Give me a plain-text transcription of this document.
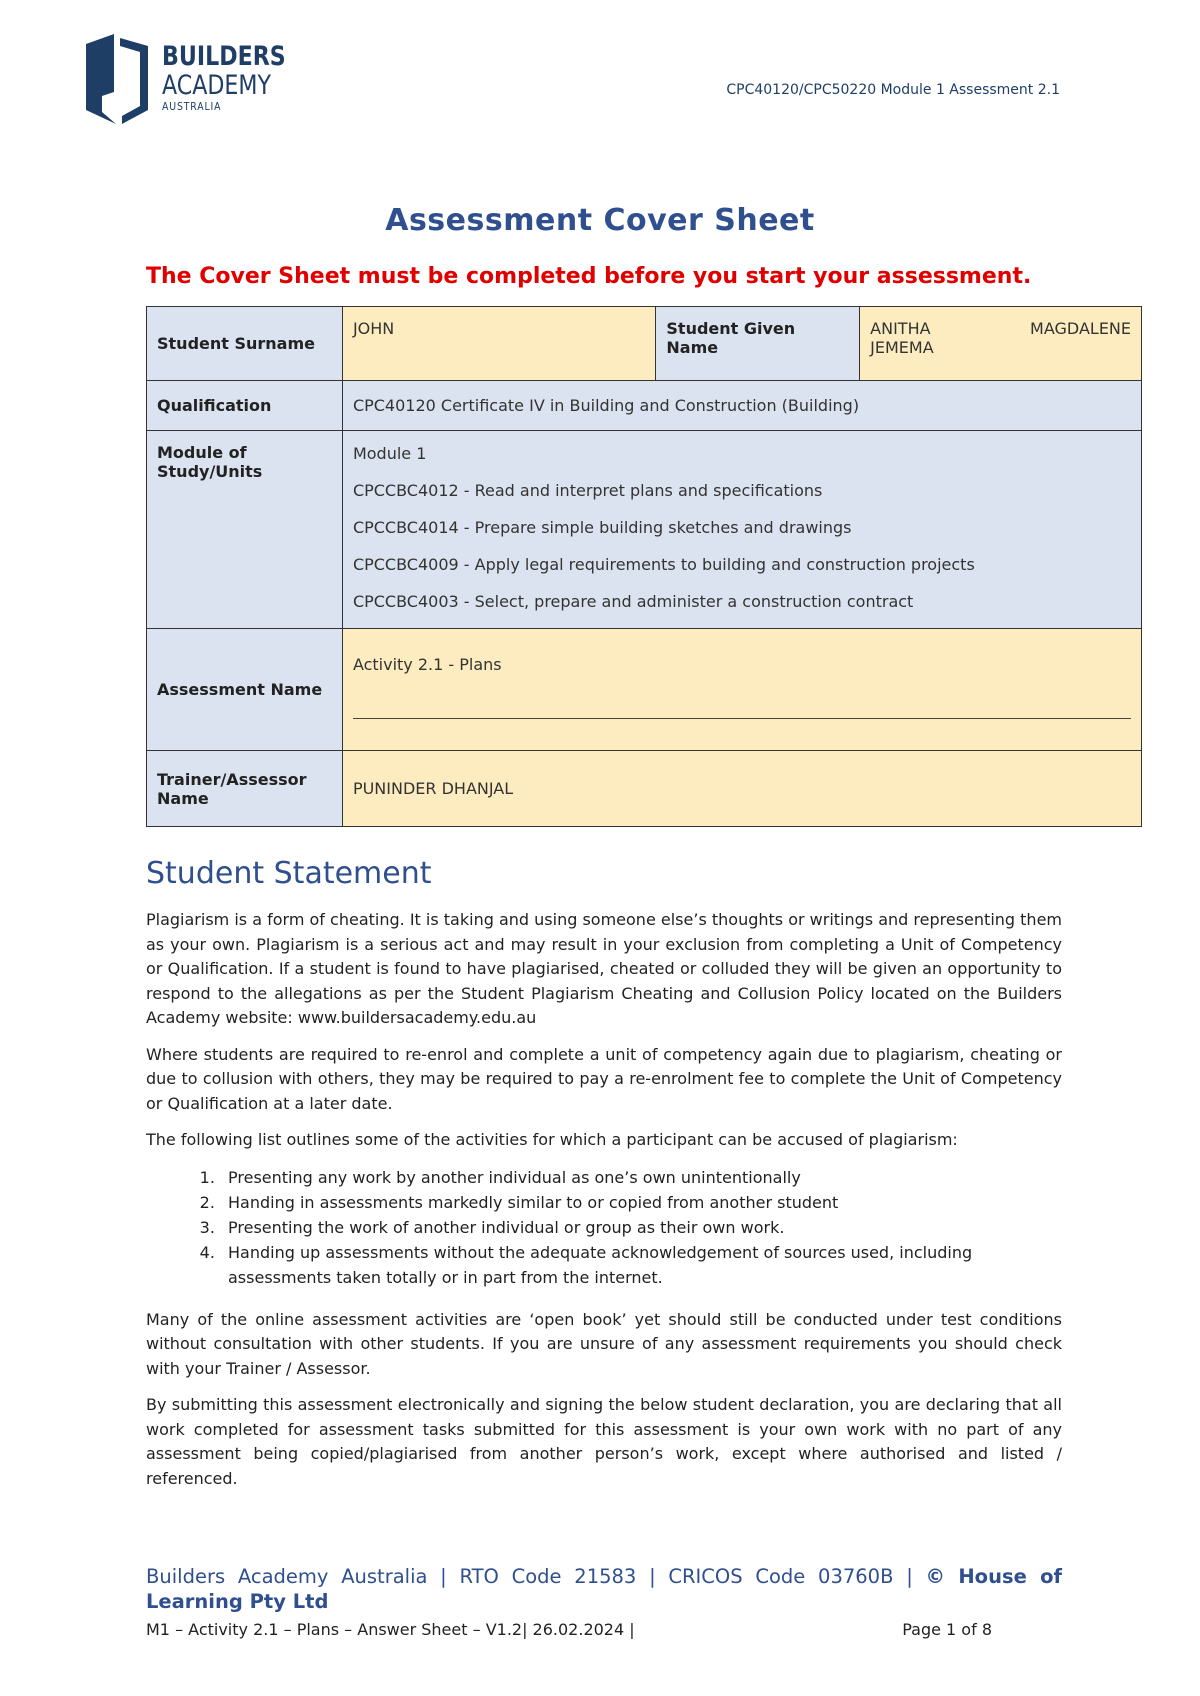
BUILDERS
ACADEMY
AUSTRALIA
CPC40120/CPC50220 Module 1 Assessment 2.1
Assessment Cover Sheet
The Cover Sheet must be completed before you start your assessment.
Student Surname	JOHN	Student Given Name	ANITHA MAGDALENE
JEMEMA

Qualification	CPC40120 Certificate IV in Building and Construction (Building)		
Module of Study/Units	Module 1
CPCCBC4012 - Read and interpret plans and specifications
CPCCBC4014 - Prepare simple building sketches and drawings
CPCCBC4009 - Apply legal requirements to building and construction projects
CPCCBC4003 - Select, prepare and administer a construction contract		

Assessment Name	Activity 2.1 - Plans		

Trainer/Assessor Name	PUNINDER DHANJAL		
Student Statement

Plagiarism is a form of cheating. It is taking and using someone else’s thoughts or writings and representing them as your own. Plagiarism is a serious act and may result in your exclusion from completing a Unit of Competency or Qualification. If a student is found to have plagiarised, cheated or colluded they will be given an opportunity to respond to the allegations as per the Student Plagiarism Cheating and Collusion Policy located on the Builders Academy website: www.buildersacademy.edu.au

Where students are required to re-enrol and complete a unit of competency again due to plagiarism, cheating or due to collusion with others, they may be required to pay a re-enrolment fee to complete the Unit of Competency or Qualification at a later date.

The following list outlines some of the activities for which a participant can be accused of plagiarism:

1. Presenting any work by another individual as one’s own unintentionally
2. Handing in assessments markedly similar to or copied from another student
3. Presenting the work of another individual or group as their own work.
4. Handing up assessments without the adequate acknowledgement of sources used, including assessments taken totally or in part from the internet.

Many of the online assessment activities are ‘open book’ yet should still be conducted under test conditions without consultation with other students. If you are unsure of any assessment requirements you should check with your Trainer / Assessor.

By submitting this assessment electronically and signing the below student declaration, you are declaring that all work completed for assessment tasks submitted for this assessment is your own work with no part of any assessment being copied/plagiarised from another person’s work, except where authorised and listed / referenced.

Builders Academy Australia | RTO Code 21583 | CRICOS Code 03760B | © House of Learning Pty Ltd
M1 – Activity 2.1 – Plans – Answer Sheet – V1.2| 26.02.2024 |	Page 1 of 8
